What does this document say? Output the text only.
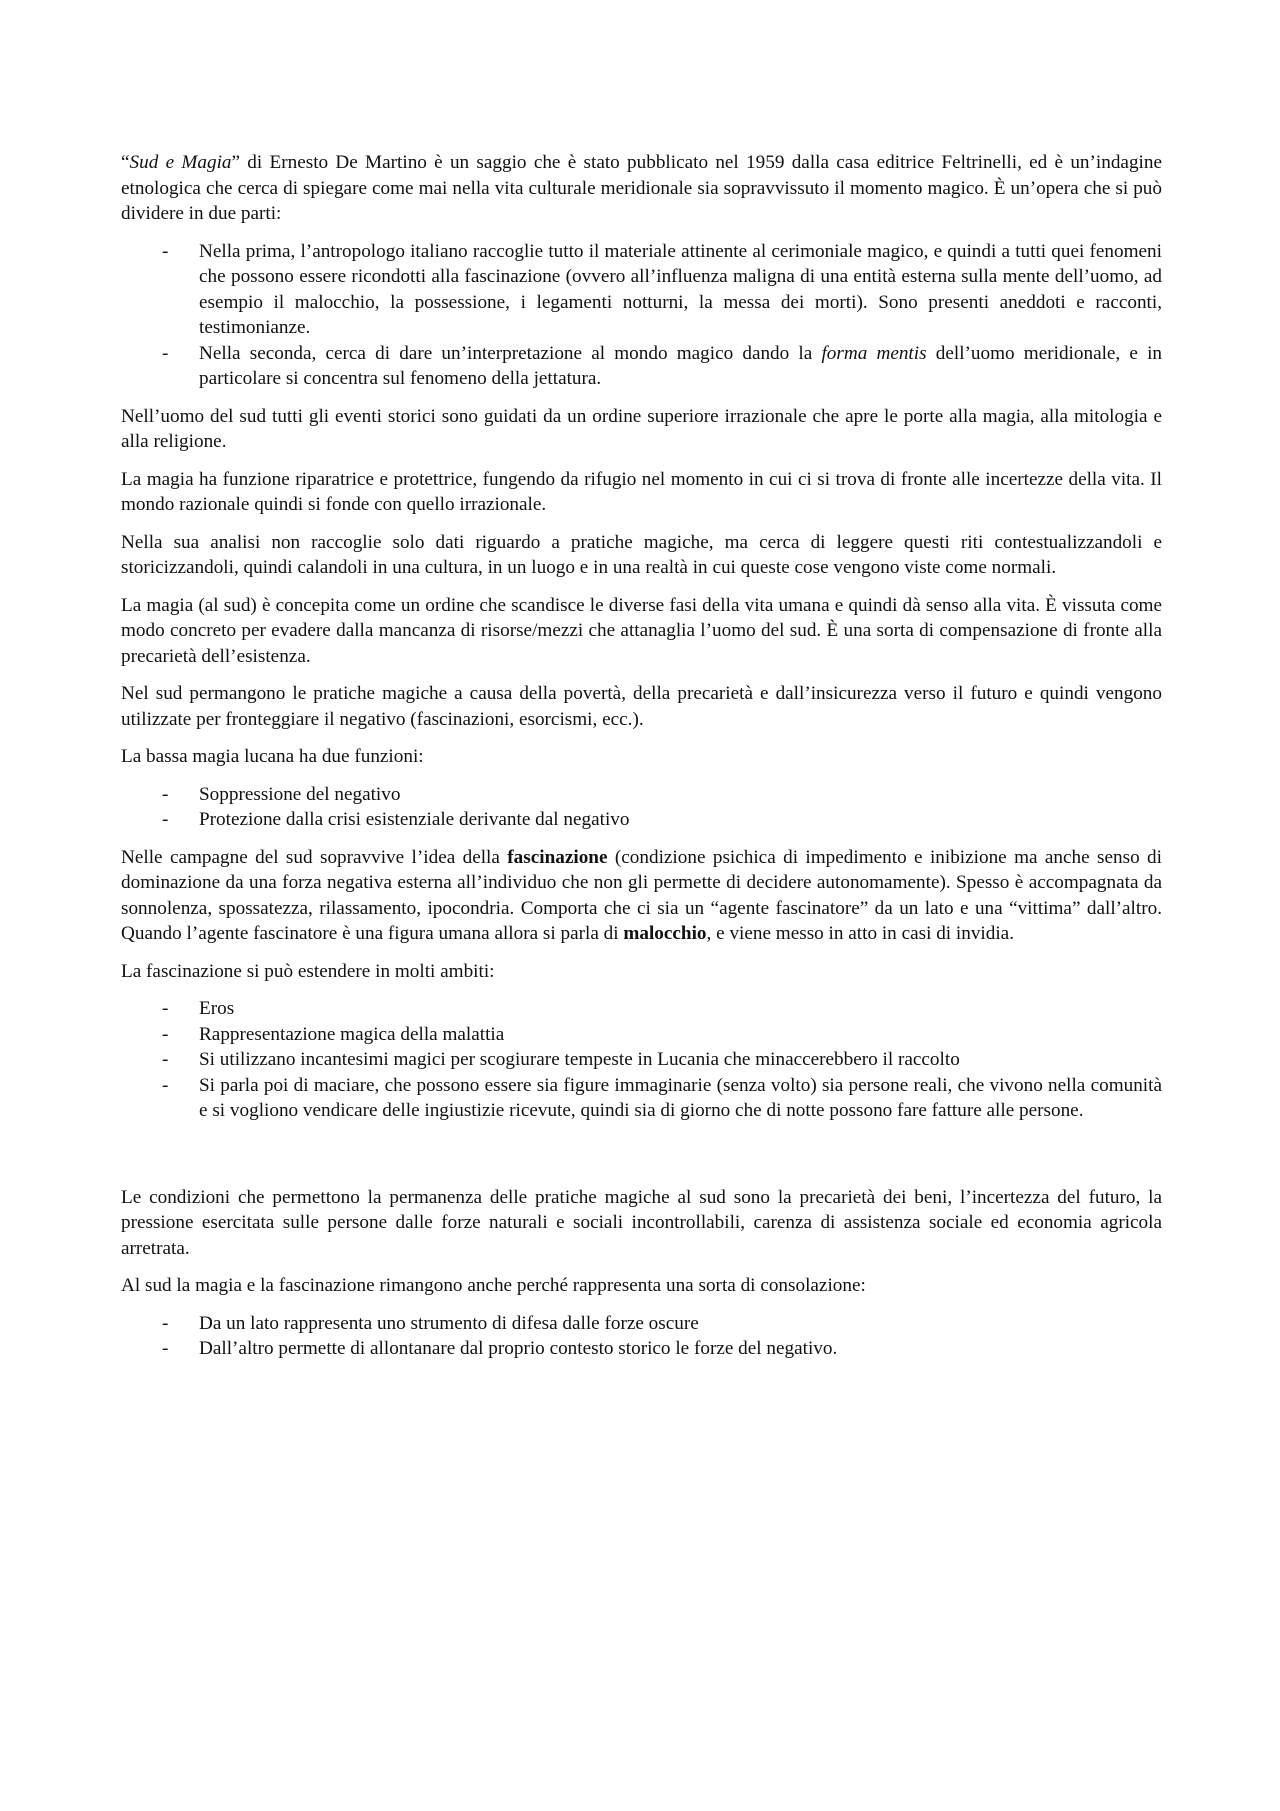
“Sud e Magia” di Ernesto De Martino è un saggio che è stato pubblicato nel 1959 dalla casa editrice Feltrinelli, ed è un’indagine etnologica che cerca di spiegare come mai nella vita culturale meridionale sia sopravvissuto il momento magico. È un’opera che si può dividere in due parti:

- Nella prima, l’antropologo italiano raccoglie tutto il materiale attinente al cerimoniale magico, e quindi a tutti quei fenomeni che possono essere ricondotti alla fascinazione (ovvero all’influenza maligna di una entità esterna sulla mente dell’uomo, ad esempio il malocchio, la possessione, i legamenti notturni, la messa dei morti). Sono presenti aneddoti e racconti, testimonianze.
- Nella seconda, cerca di dare un’interpretazione al mondo magico dando la forma mentis dell’uomo meridionale, e in particolare si concentra sul fenomeno della jettatura.

Nell’uomo del sud tutti gli eventi storici sono guidati da un ordine superiore irrazionale che apre le porte alla magia, alla mitologia e alla religione.

La magia ha funzione riparatrice e protettrice, fungendo da rifugio nel momento in cui ci si trova di fronte alle incertezze della vita. Il mondo razionale quindi si fonde con quello irrazionale.

Nella sua analisi non raccoglie solo dati riguardo a pratiche magiche, ma cerca di leggere questi riti contestualizzandoli e storicizzandoli, quindi calandoli in una cultura, in un luogo e in una realtà in cui queste cose vengono viste come normali.

La magia (al sud) è concepita come un ordine che scandisce le diverse fasi della vita umana e quindi dà senso alla vita. È vissuta come modo concreto per evadere dalla mancanza di risorse/mezzi che attanaglia l’uomo del sud. È una sorta di compensazione di fronte alla precarietà dell’esistenza.

Nel sud permangono le pratiche magiche a causa della povertà, della precarietà e dall’insicurezza verso il futuro e quindi vengono utilizzate per fronteggiare il negativo (fascinazioni, esorcismi, ecc.).

La bassa magia lucana ha due funzioni:

- Soppressione del negativo
- Protezione dalla crisi esistenziale derivante dal negativo

Nelle campagne del sud sopravvive l’idea della fascinazione (condizione psichica di impedimento e inibizione ma anche senso di dominazione da una forza negativa esterna all’individuo che non gli permette di decidere autonomamente). Spesso è accompagnata da sonnolenza, spossatezza, rilassamento, ipocondria. Comporta che ci sia un “agente fascinatore” da un lato e una “vittima” dall’altro. Quando l’agente fascinatore è una figura umana allora si parla di malocchio, e viene messo in atto in casi di invidia.

La fascinazione si può estendere in molti ambiti:

- Eros
- Rappresentazione magica della malattia
- Si utilizzano incantesimi magici per scogiurare tempeste in Lucania che minaccerebbero il raccolto
- Si parla poi di maciare, che possono essere sia figure immaginarie (senza volto) sia persone reali, che vivono nella comunità e si vogliono vendicare delle ingiustizie ricevute, quindi sia di giorno che di notte possono fare fatture alle persone.

Le condizioni che permettono la permanenza delle pratiche magiche al sud sono la precarietà dei beni, l’incertezza del futuro, la pressione esercitata sulle persone dalle forze naturali e sociali incontrollabili, carenza di assistenza sociale ed economia agricola arretrata.

Al sud la magia e la fascinazione rimangono anche perché rappresenta una sorta di consolazione:

- Da un lato rappresenta uno strumento di difesa dalle forze oscure
- Dall’altro permette di allontanare dal proprio contesto storico le forze del negativo.
